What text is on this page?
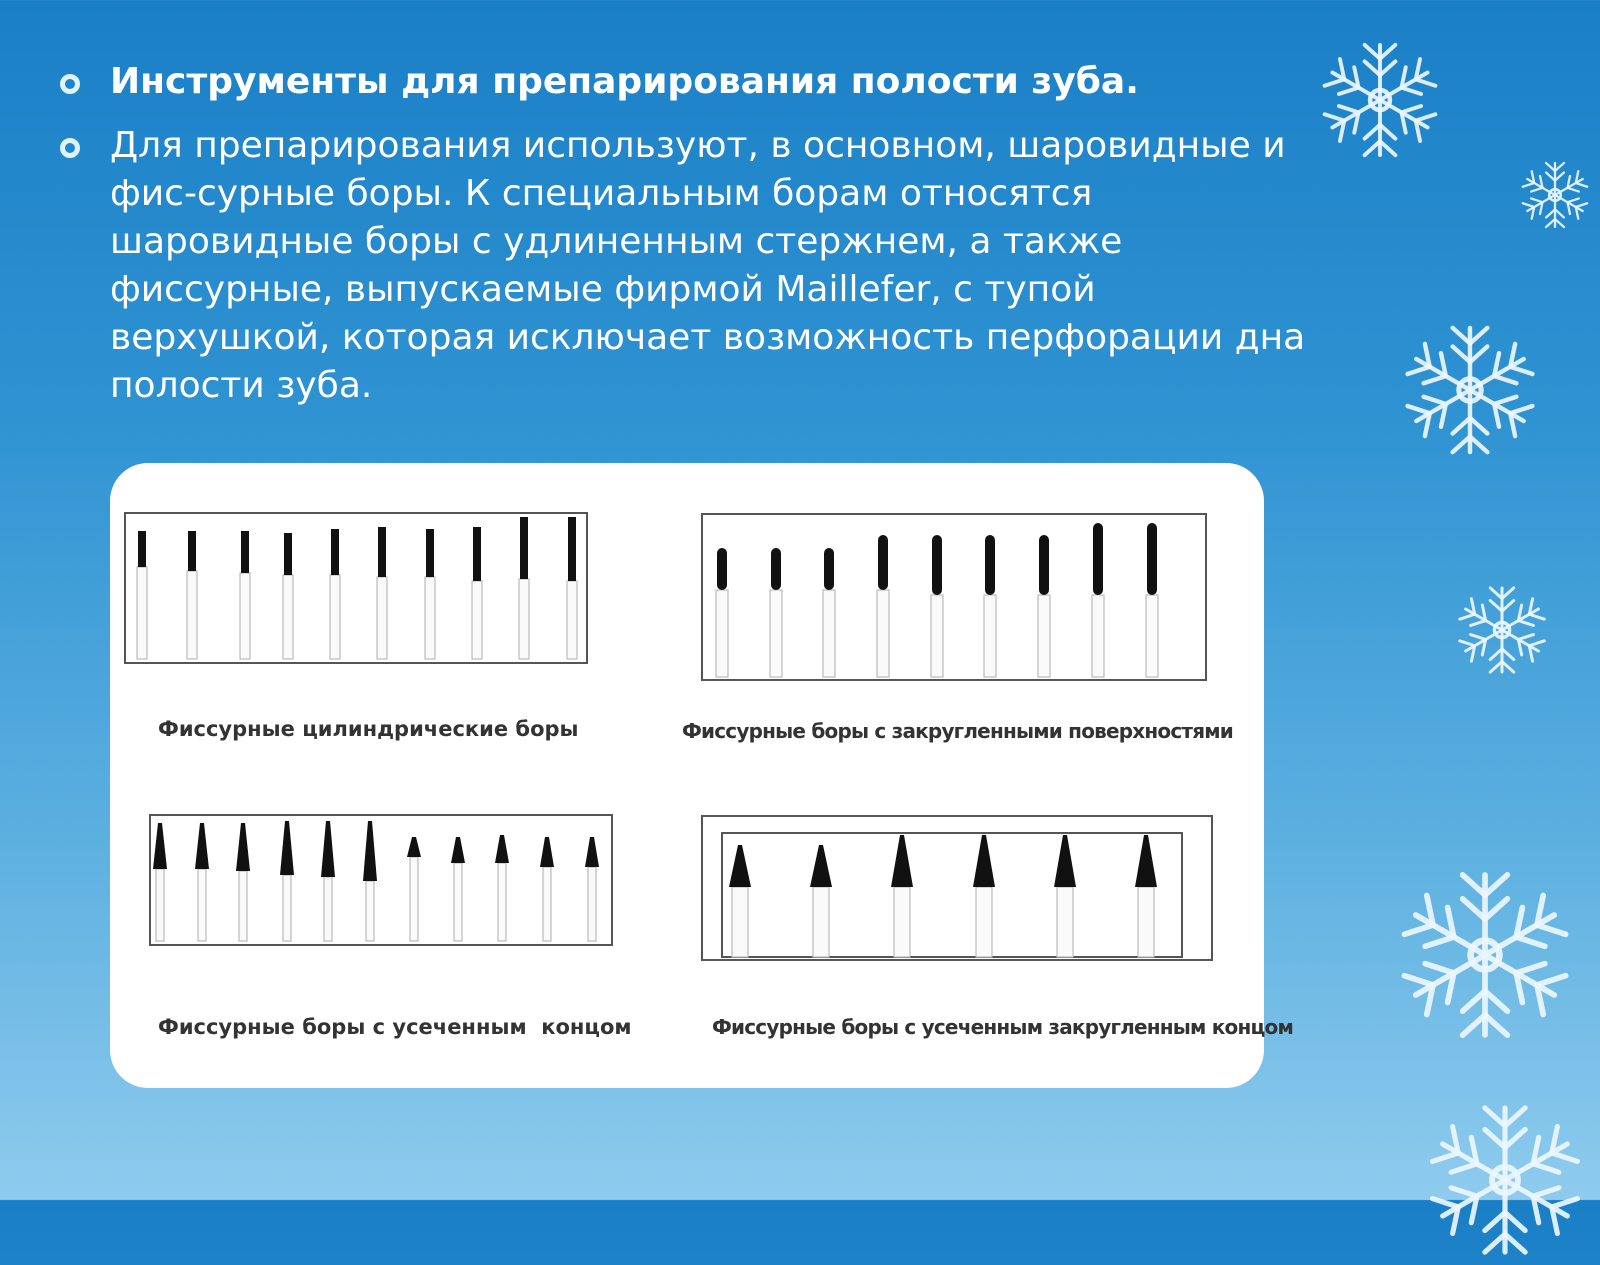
Инструменты для препарирования полости зуба.
Для препарирования используют, в основном, шаровидные и фис-сурные боры. К специальным борам относятся шаровидные боры с удлиненным стержнем, а также фиссурные, выпускаемые фирмой Maillefer, с тупой верхушкой, которая исключает возможность перфорации дна полости зуба.
Фиссурные цилиндрические боры	Фиссурные боры с закругленными поверхностями
Фиссурные боры с усеченным  концом	Фиссурные боры с усеченным закругленным концом
